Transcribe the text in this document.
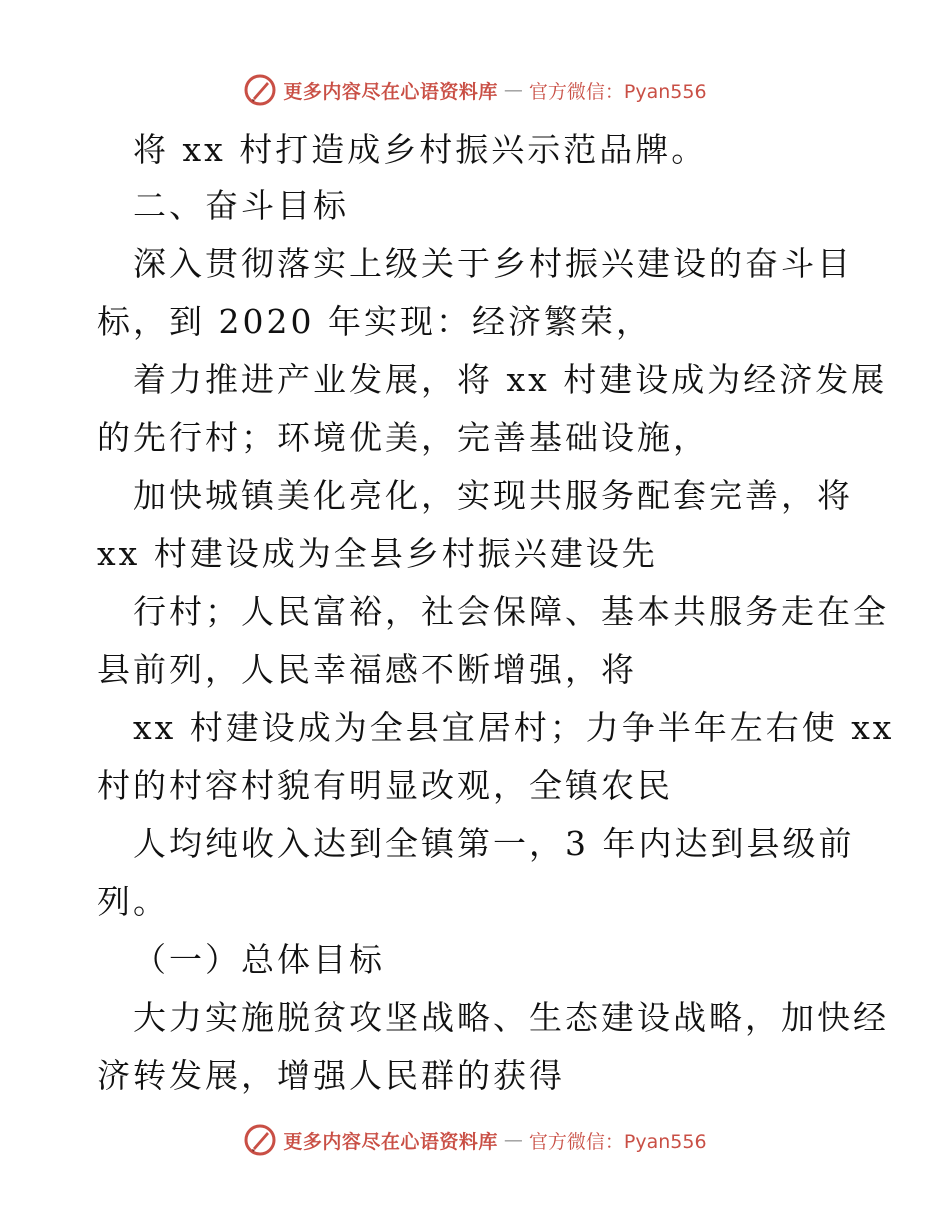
更多内容尽在心语资料库 — 官方微信：Pyan556
将 xx 村打造成乡村振兴示范品牌。
二、奋斗目标
深入贯彻落实上级关于乡村振兴建设的奋斗目
标，到 2020 年实现：经济繁荣，
着力推进产业发展，将 xx 村建设成为经济发展
的先行村；环境优美，完善基础设施，
加快城镇美化亮化，实现共服务配套完善，将
xx 村建设成为全县乡村振兴建设先
行村；人民富裕，社会保障、基本共服务走在全
县前列，人民幸福感不断增强，将
xx 村建设成为全县宜居村；力争半年左右使 xx
村的村容村貌有明显改观，全镇农民
人均纯收入达到全镇第一，3 年内达到县级前
列。
（一）总体目标
大力实施脱贫攻坚战略、生态建设战略，加快经
济转发展，增强人民群的获得
更多内容尽在心语资料库 — 官方微信：Pyan556
